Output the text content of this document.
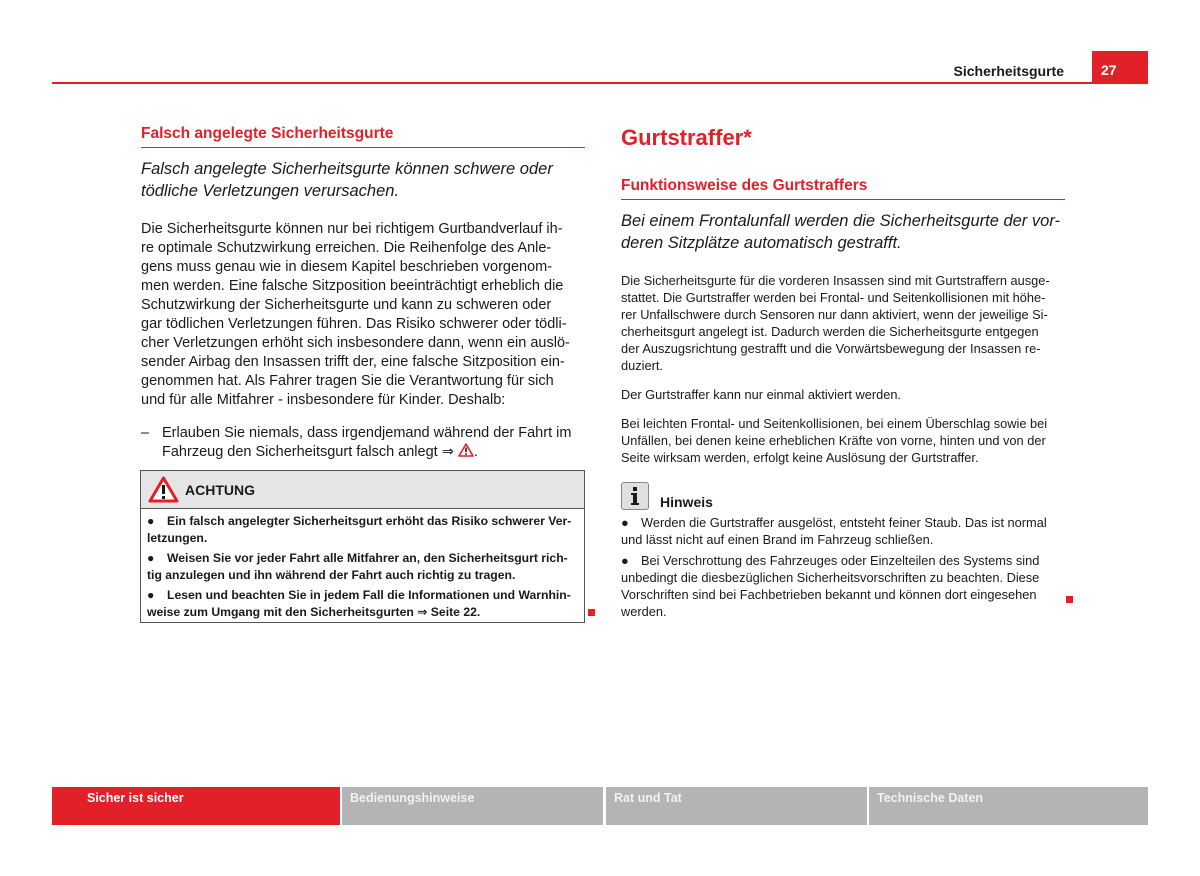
Sicherheitsgurte	27
Falsch angelegte Sicherheitsgurte

Falsch angelegte Sicherheitsgurte können schwere oder
tödliche Verletzungen verursachen.

Die Sicherheitsgurte können nur bei richtigem Gurtbandverlauf ih-
re optimale Schutzwirkung erreichen. Die Reihenfolge des Anle-
gens muss genau wie in diesem Kapitel beschrieben vorgenom-
men werden. Eine falsche Sitzposition beeinträchtigt erheblich die
Schutzwirkung der Sicherheitsgurte und kann zu schweren oder
gar tödlichen Verletzungen führen. Das Risiko schwerer oder tödli-
cher Verletzungen erhöht sich insbesondere dann, wenn ein auslö-
sender Airbag den Insassen trifft der, eine falsche Sitzposition ein-
genommen hat. Als Fahrer tragen Sie die Verantwortung für sich
und für alle Mitfahrer - insbesondere für Kinder. Deshalb:

– Erlauben Sie niemals, dass irgendjemand während der Fahrt im
Fahrzeug den Sicherheitsgurt falsch anlegt ⇒ .
ACHTUNG
● Ein falsch angelegter Sicherheitsgurt erhöht das Risiko schwerer Ver-
letzungen.
● Weisen Sie vor jeder Fahrt alle Mitfahrer an, den Sicherheitsgurt rich-
tig anzulegen und ihn während der Fahrt auch richtig zu tragen.
● Lesen und beachten Sie in jedem Fall die Informationen und Warnhin-
weise zum Umgang mit den Sicherheitsgurten ⇒ Seite 22.
Gurtstraffer*
Funktionsweise des Gurtstraffers

Bei einem Frontalunfall werden die Sicherheitsgurte der vor-
deren Sitzplätze automatisch gestrafft.

Die Sicherheitsgurte für die vorderen Insassen sind mit Gurtstraffern ausge-
stattet. Die Gurtstraffer werden bei Frontal- und Seitenkollisionen mit höhe-
rer Unfallschwere durch Sensoren nur dann aktiviert, wenn der jeweilige Si-
cherheitsgurt angelegt ist. Dadurch werden die Sicherheitsgurte entgegen
der Auszugsrichtung gestrafft und die Vorwärtsbewegung der Insassen re-
duziert.

Der Gurtstraffer kann nur einmal aktiviert werden.

Bei leichten Frontal- und Seitenkollisionen, bei einem Überschlag sowie bei
Unfällen, bei denen keine erheblichen Kräfte von vorne, hinten und von der
Seite wirksam werden, erfolgt keine Auslösung der Gurtstraffer.

Hinweis
● Werden die Gurtstraffer ausgelöst, entsteht feiner Staub. Das ist normal
und lässt nicht auf einen Brand im Fahrzeug schließen.
● Bei Verschrottung des Fahrzeuges oder Einzelteilen des Systems sind
unbedingt die diesbezüglichen Sicherheitsvorschriften zu beachten. Diese
Vorschriften sind bei Fachbetrieben bekannt und können dort eingesehen
werden.
Sicher ist sicher	Bedienungshinweise	Rat und Tat	Technische Daten
